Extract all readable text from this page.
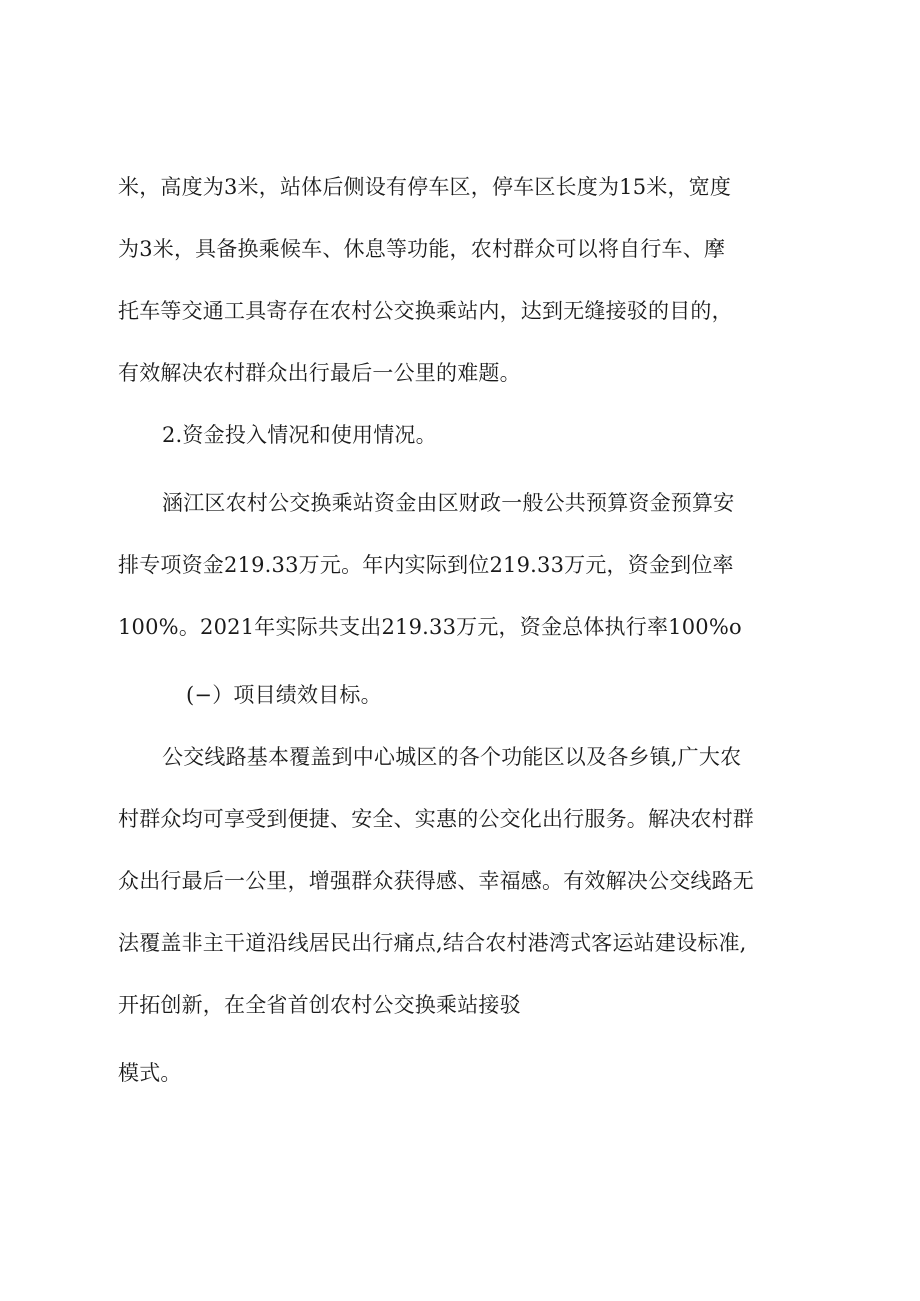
米，高度为3米，站体后侧设有停车区，停车区长度为15米，宽度
为3米，具备换乘候车、休息等功能，农村群众可以将自行车、摩
托车等交通工具寄存在农村公交换乘站内，达到无缝接驳的目的，
有效解决农村群众出行最后一公里的难题。
2.资金投入情况和使用情况。
涵江区农村公交换乘站资金由区财政一般公共预算资金预算安
排专项资金219.33万元。年内实际到位219.33万元，资金到位率
100%。2021年实际共支出219.33万元，资金总体执行率100%o
(−）项目绩效目标。
公交线路基本覆盖到中心城区的各个功能区以及各乡镇,广大农
村群众均可享受到便捷、安全、实惠的公交化出行服务。解决农村群
众出行最后一公里，增强群众获得感、幸福感。有效解决公交线路无
法覆盖非主干道沿线居民出行痛点,结合农村港湾式客运站建设标准,
开拓创新，在全省首创农村公交换乘站接驳
模式。
